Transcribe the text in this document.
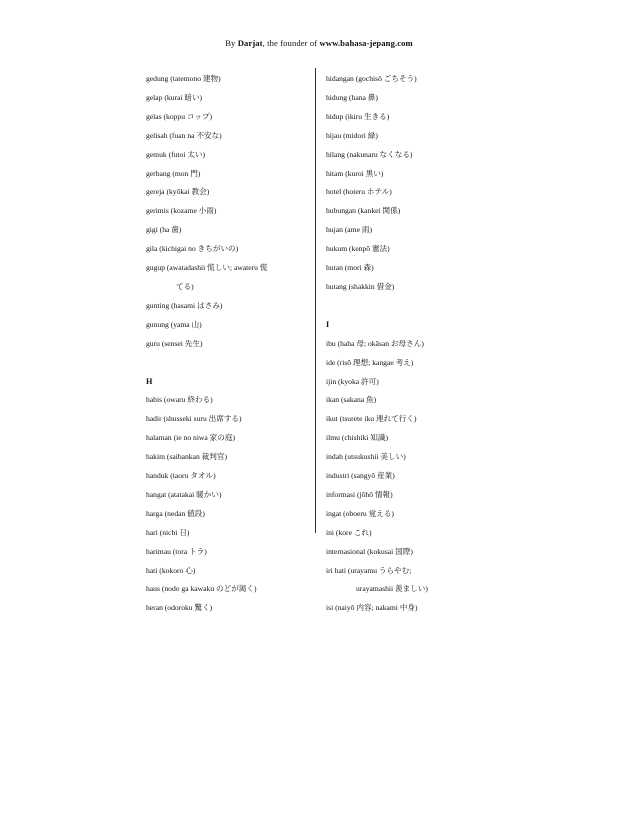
By Darjat, the founder of www.bahasa-jepang.com
gedung (tatemono 建物)
gelap (kurai 暗い)
gelas (koppu コップ)
gelisah (fuan na 不安な)
gemuk (futoi 太い)
gerbang (mon 門)
gereja (kyōkai 教会)
gerimis (kozame 小雨)
gigi (ha 歯)
gila (kichigai no きちがいの)
gugup (awatadashii 慌しい; awateru 慌
てる)
gunting (hasami はさみ)
gunung (yama 山)
guru (sensei 先生)

H
habis (owaru 終わる)
hadir (shusseki suru 出席する)
halaman (ie no niwa 家の庭)
hakim (saibankan 裁判官)
handuk (taoru タオル)
hangat (atatakai 暖かい)
harga (nedan 値段)
hari (nichi 日)
harimau (tora トラ)
hati (kokoro 心)
haus (nodo ga kawaku のどが渇く)
heran (odoroku 驚く)
hidangan (gochisō ごちそう)
hidung (hana 鼻)
hidup (ikiru 生きる)
hijau (midori 緑)
hilang (nakunaru なくなる)
hitam (kuroi 黒い)
hotel (hoteru ホテル)
hubungan (kankei 関係)
hujan (ame 雨)
hukum (kenpō 憲法)
hutan (mori 森)
hutang (shakkin 借金)

I
ibu (haha 母; okāsan お母さん)
ide (risō 理想; kangae 考え)
ijin (kyoka 許可)
ikan (sakana 魚)
ikut (tsurete iku 連れて行く)
ilmu (chishiki 知識)
indah (utsukushii 美しい)
industri (sangyō 産業)
informasi (jōhō 情報)
ingat (oboeru 覚える)
ini (kore これ)
internasional (kokusai 国際)
iri hati (urayamu うらやむ;
urayamashii 羨ましい)
isi (naiyō 内容; nakami 中身)
